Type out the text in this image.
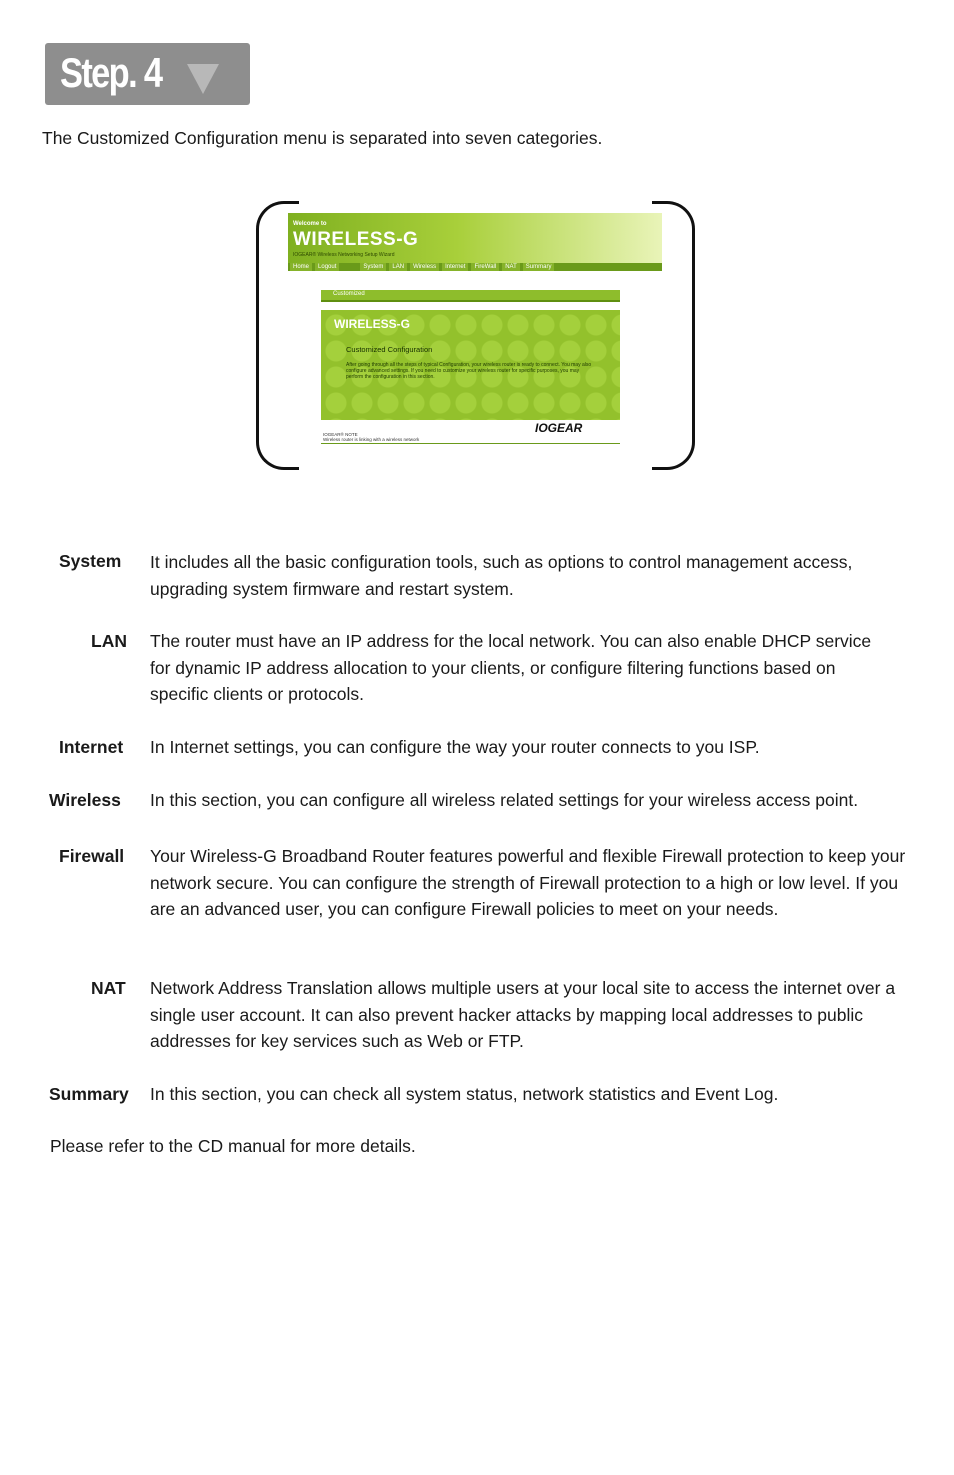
Step. 4

The Customized Configuration menu is separated into seven categories.

Welcome to
WIRELESS-G
IOGEAR® Wireless Networking Setup Wizard
Home	Logout	System	LAN	Wireless	Internet	FireWall	NAT	Summary
Customized
WIRELESS-G
Customized Configuration

After going through all the steps of typical Configuration, your wireless router is ready to connect. You may also configure advanced settings. If you need to customize your wireless router for specific purposes, you may perform the configuration in this section.

IOGEAR
IOGEAR® NOTE
Wireless router is linking with a wireless network
System It includes all the basic configuration tools, such as options to control management access, upgrading system firmware and restart system.

LAN The router must have an IP address for the local network. You can also enable DHCP service for dynamic IP address allocation to your clients, or configure filtering functions based on specific clients or protocols.

Internet In Internet settings, you can configure the way your router connects to you ISP.

Wireless In this section, you can configure all wireless related settings for your wireless access point.

Firewall Your Wireless-G Broadband Router features powerful and flexible Firewall protection to keep your network secure. You can configure the strength of Firewall protection to a high or low level. If you are an advanced user, you can configure Firewall policies to meet on your needs.

NAT Network Address Translation allows multiple users at your local site to access the internet over a single user account. It can also prevent hacker attacks by mapping local addresses to public addresses for key services such as Web or FTP.

Summary In this section, you can check all system status, network statistics and Event Log.

Please refer to the CD manual for more details.
